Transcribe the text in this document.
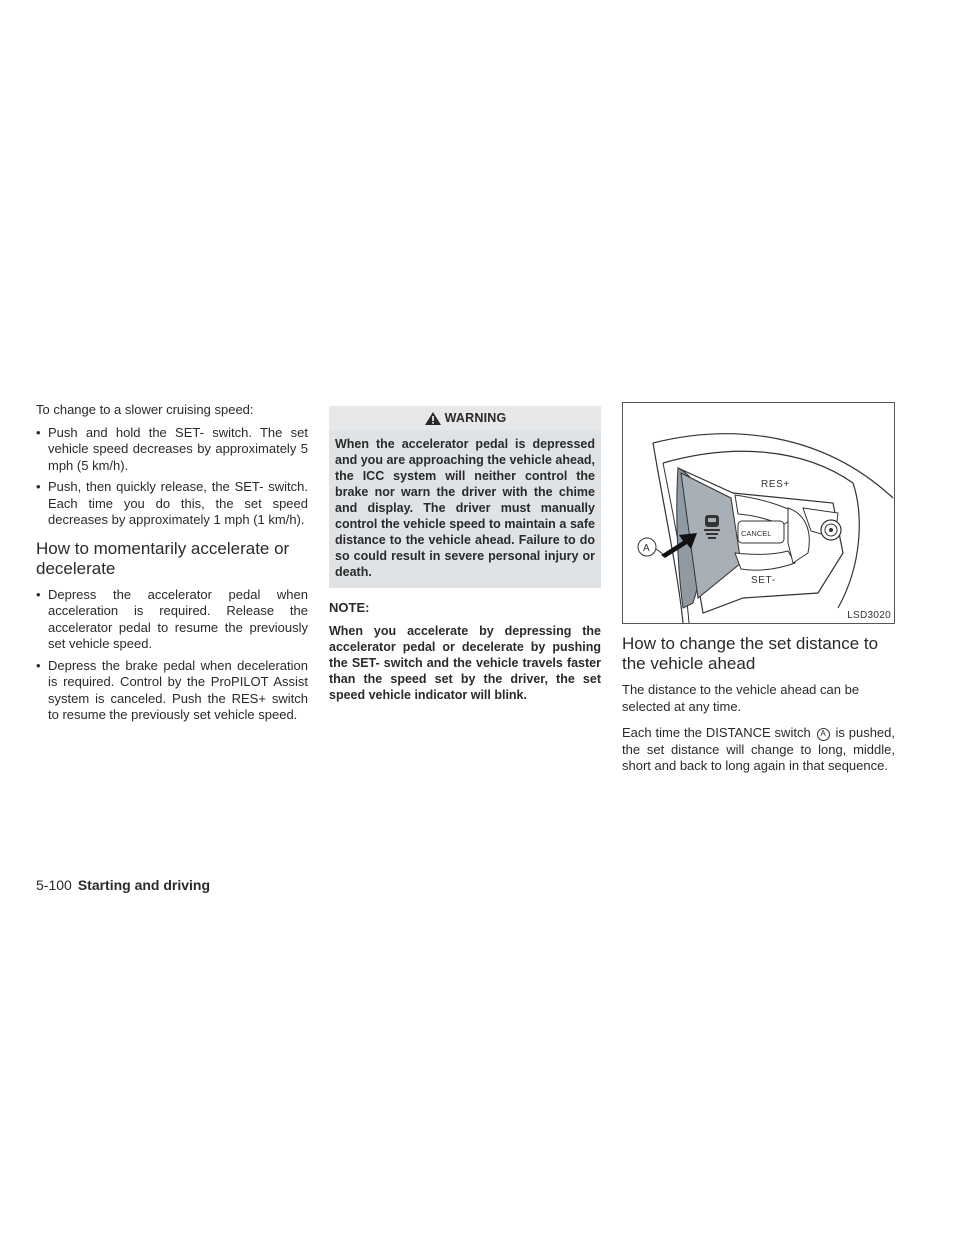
To change to a slower cruising speed:

• Push and hold the SET- switch. The set vehicle speed decreases by approximately 5 mph (5 km/h).
• Push, then quickly release, the SET- switch. Each time you do this, the set speed decreases by approximately 1 mph (1 km/h).
How to momentarily accelerate or decelerate
• Depress the accelerator pedal when acceleration is required. Release the accelerator pedal to resume the previously set vehicle speed.
• Depress the brake pedal when deceleration is required. Control by the ProPILOT Assist system is canceled. Push the RES+ switch to resume the previously set vehicle speed.
WARNING
When the accelerator pedal is depressed and you are approaching the vehicle ahead, the ICC system will neither control the brake nor warn the driver with the chime and display. The driver must manually control the vehicle speed to maintain a safe distance to the vehicle ahead. Failure to do so could result in severe personal injury or death.
NOTE:
When you accelerate by depressing the accelerator pedal or decelerate by pushing the SET- switch and the vehicle travels faster than the speed set by the driver, the set speed vehicle indicator will blink.
RES+
CANCEL
SET-
A
LSD3020
How to change the set distance to the vehicle ahead

The distance to the vehicle ahead can be selected at any time.

Each time the DISTANCE switch A is pushed, the set distance will change to long, middle, short and back to long again in that sequence.

5-100 Starting and driving
